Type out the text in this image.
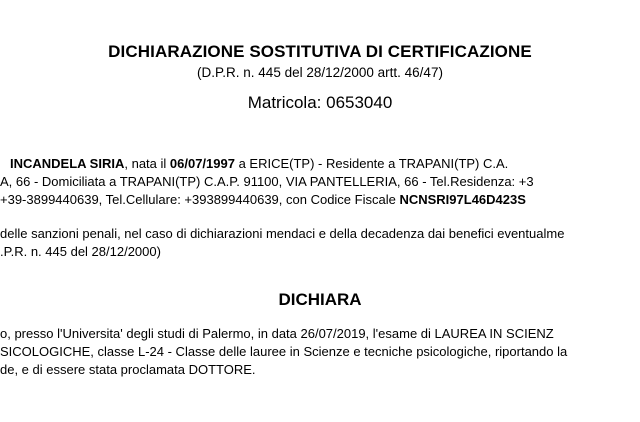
DICHIARAZIONE SOSTITUTIVA DI CERTIFICAZIONE
(D.P.R. n. 445 del 28/12/2000 artt. 46/47)
Matricola: 0653040
INCANDELA SIRIA, nata il 06/07/1997 a ERICE(TP) - Residente a TRAPANI(TP) C.A.
A, 66 - Domiciliata a TRAPANI(TP) C.A.P. 91100, VIA PANTELLERIA, 66 - Tel.Residenza: +3
+39-3899440639, Tel.Cellulare: +393899440639, con Codice Fiscale NCNSRI97L46D423S
delle sanzioni penali, nel caso di dichiarazioni mendaci e della decadenza dai benefici eventualme
.P.R. n. 445 del 28/12/2000)
DICHIARA
o, presso l'Universita' degli studi di Palermo, in data 26/07/2019, l'esame di LAUREA IN SCIENZ
SICOLOGICHE, classe L-24 - Classe delle lauree in Scienze e tecniche psicologiche, riportando la
de, e di essere stata proclamata DOTTORE.
